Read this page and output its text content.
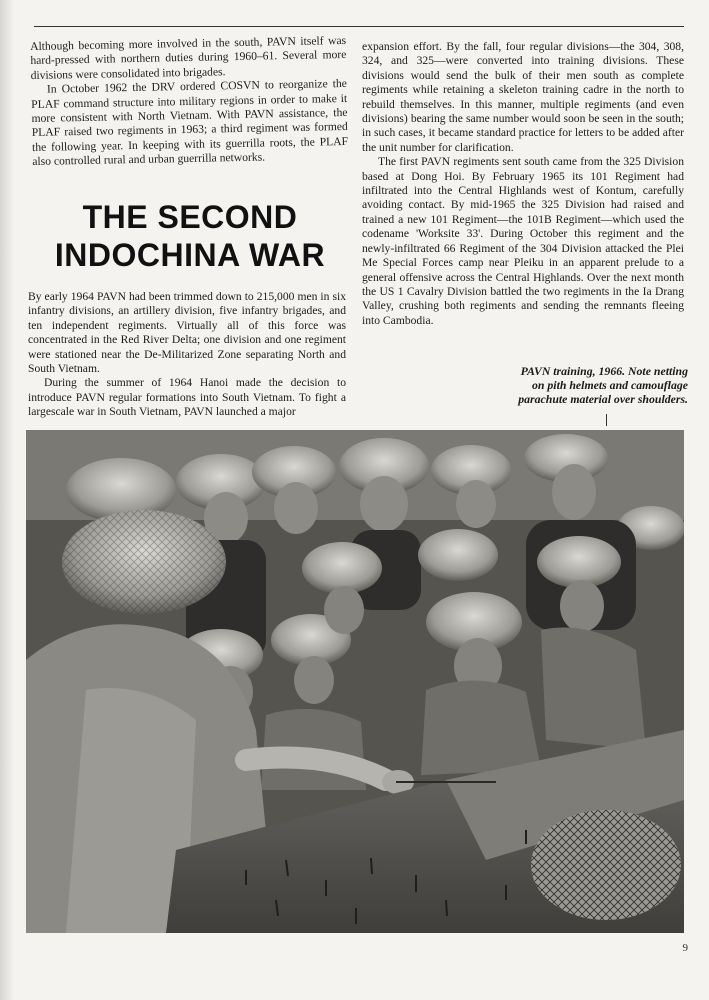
Although becoming more involved in the south, PAVN itself was hard-pressed with northern duties during 1960–61. Several more divisions were consolidated into brigades.

In October 1962 the DRV ordered COSVN to reorganize the PLAF command structure into military regions in order to make it more consistent with North Vietnam. With PAVN assistance, the PLAF raised two regiments in 1963; a third regiment was formed the following year. In keeping with its guerrilla roots, the PLAF also controlled rural and urban guerrilla networks.

THE SECOND
INDOCHINA WAR

By early 1964 PAVN had been trimmed down to 215,000 men in six infantry divisions, an artillery division, five infantry brigades, and ten independent regiments. Virtually all of this force was concentrated in the Red River Delta; one division and one regiment were stationed near the De-Militarized Zone separating North and South Vietnam.

During the summer of 1964 Hanoi made the decision to introduce PAVN regular formations into South Vietnam. To fight a largescale war in South Vietnam, PAVN launched a major

expansion effort. By the fall, four regular divisions—the 304, 308, 324, and 325—were converted into training divisions. These divisions would send the bulk of their men south as complete regiments while retaining a skeleton training cadre in the north to rebuild themselves. In this manner, multiple regiments (and even divisions) bearing the same number would soon be seen in the south; in such cases, it became standard practice for letters to be added after the unit number for clarification.

The first PAVN regiments sent south came from the 325 Division based at Dong Hoi. By February 1965 its 101 Regiment had infiltrated into the Central Highlands west of Kontum, carefully avoiding contact. By mid-1965 the 325 Division had raised and trained a new 101 Regiment—the 101B Regiment—which used the codename 'Worksite 33'. During October this regiment and the newly-infiltrated 66 Regiment of the 304 Division attacked the Plei Me Special Forces camp near Pleiku in an apparent prelude to a general offensive across the Central Highlands. Over the next month the US 1 Cavalry Division battled the two regiments in the Ia Drang Valley, crushing both regiments and sending the remnants fleeing into Cambodia.

PAVN training, 1966. Note netting on pith helmets and camouflage parachute material over shoulders.
9
